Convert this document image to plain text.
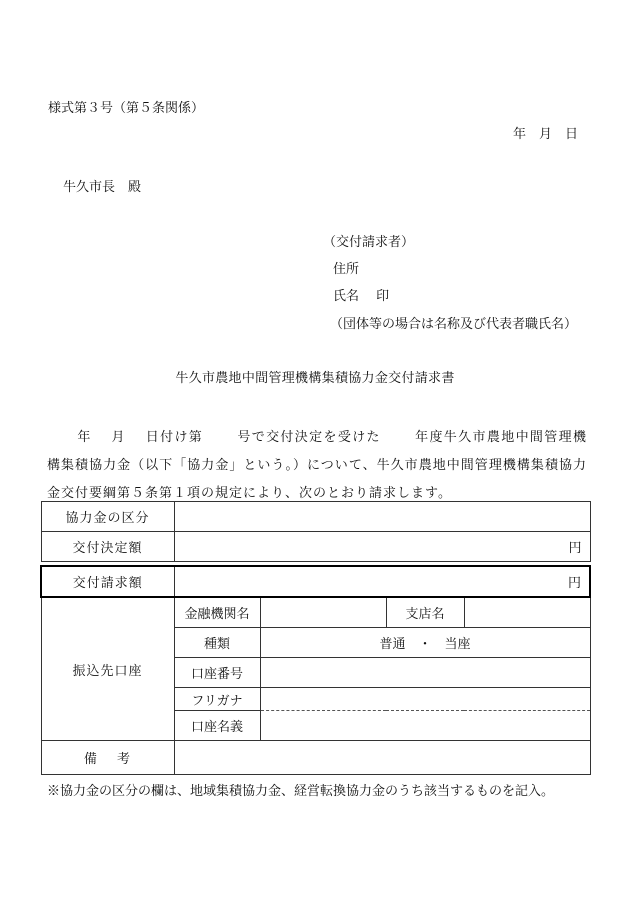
様式第３号（第５条関係）
年　月　日
牛久市長　殿
（交付請求者）
住所
氏名　 印
（団体等の場合は名称及び代表者職氏名）
牛久市農地中間管理機構集積協力金交付請求書
年　 月　 日付け第　　 号で交付決定を受けた　　 年度牛久市農地中間管理機構集積協力金（以下「協力金」という。）について、牛久市農地中間管理機構集積協力金交付要綱第５条第１項の規定により、次のとおり請求します。
協力金の区分				
交付決定額	円			

交付請求額	円			
振込先口座	金融機関名		支店名	
	種類	普通　・　当座		
	口座番号			
	フリガナ			
	口座名義			
備　 考				
※協力金の区分の欄は、地域集積協力金、経営転換協力金のうち該当するものを記入。
